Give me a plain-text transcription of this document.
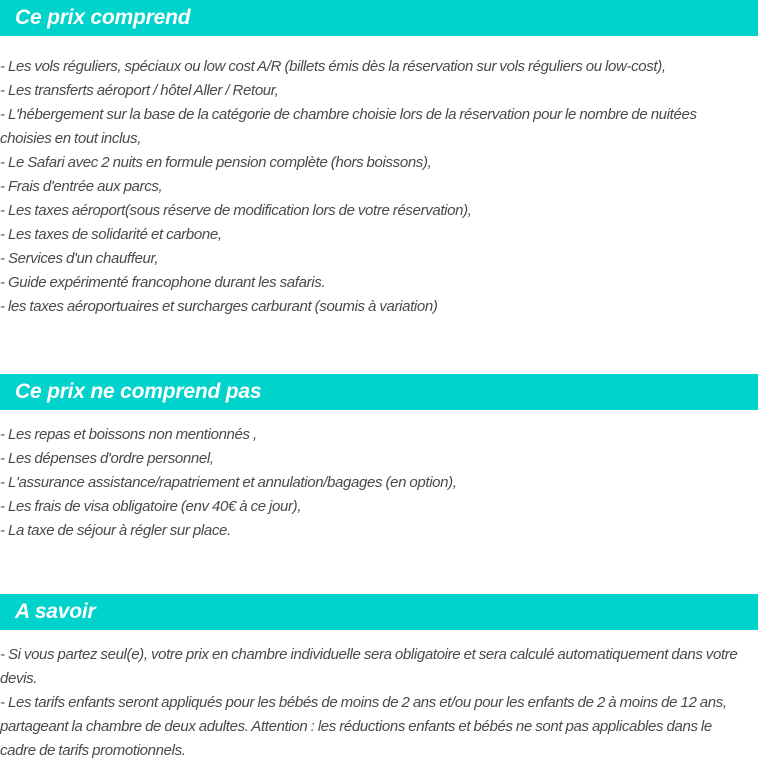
Ce prix comprend

- Les vols réguliers, spéciaux ou low cost A/R (billets émis dès la réservation sur vols réguliers ou low-cost),

- Les transferts aéroport / hôtel Aller / Retour,

- L'hébergement sur la base de la catégorie de chambre choisie lors de la réservation pour le nombre de nuitées choisies en tout inclus,

- Le Safari avec 2 nuits en formule pension complète (hors boissons),

- Frais d'entrée aux parcs,

- Les taxes aéroport(sous réserve de modification lors de votre réservation),

- Les taxes de solidarité et carbone,

- Services d'un chauffeur,

- Guide expérimenté francophone durant les safaris.

- les taxes aéroportuaires et surcharges carburant (soumis à variation)

Ce prix ne comprend pas

- Les repas et boissons non mentionnés ,

- Les dépenses d'ordre personnel,

- L'assurance assistance/rapatriement et annulation/bagages (en option),

- Les frais de visa obligatoire (env 40€ à ce jour),

- La taxe de séjour à régler sur place.

A savoir

- Si vous partez seul(e), votre prix en chambre individuelle sera obligatoire et sera calculé automatiquement dans votre devis.

- Les tarifs enfants seront appliqués pour les bébés de moins de 2 ans et/ou pour les enfants de 2 à moins de 12 ans, partageant la chambre de deux adultes. Attention : les réductions enfants et bébés ne sont pas applicables dans le cadre de tarifs promotionnels.
